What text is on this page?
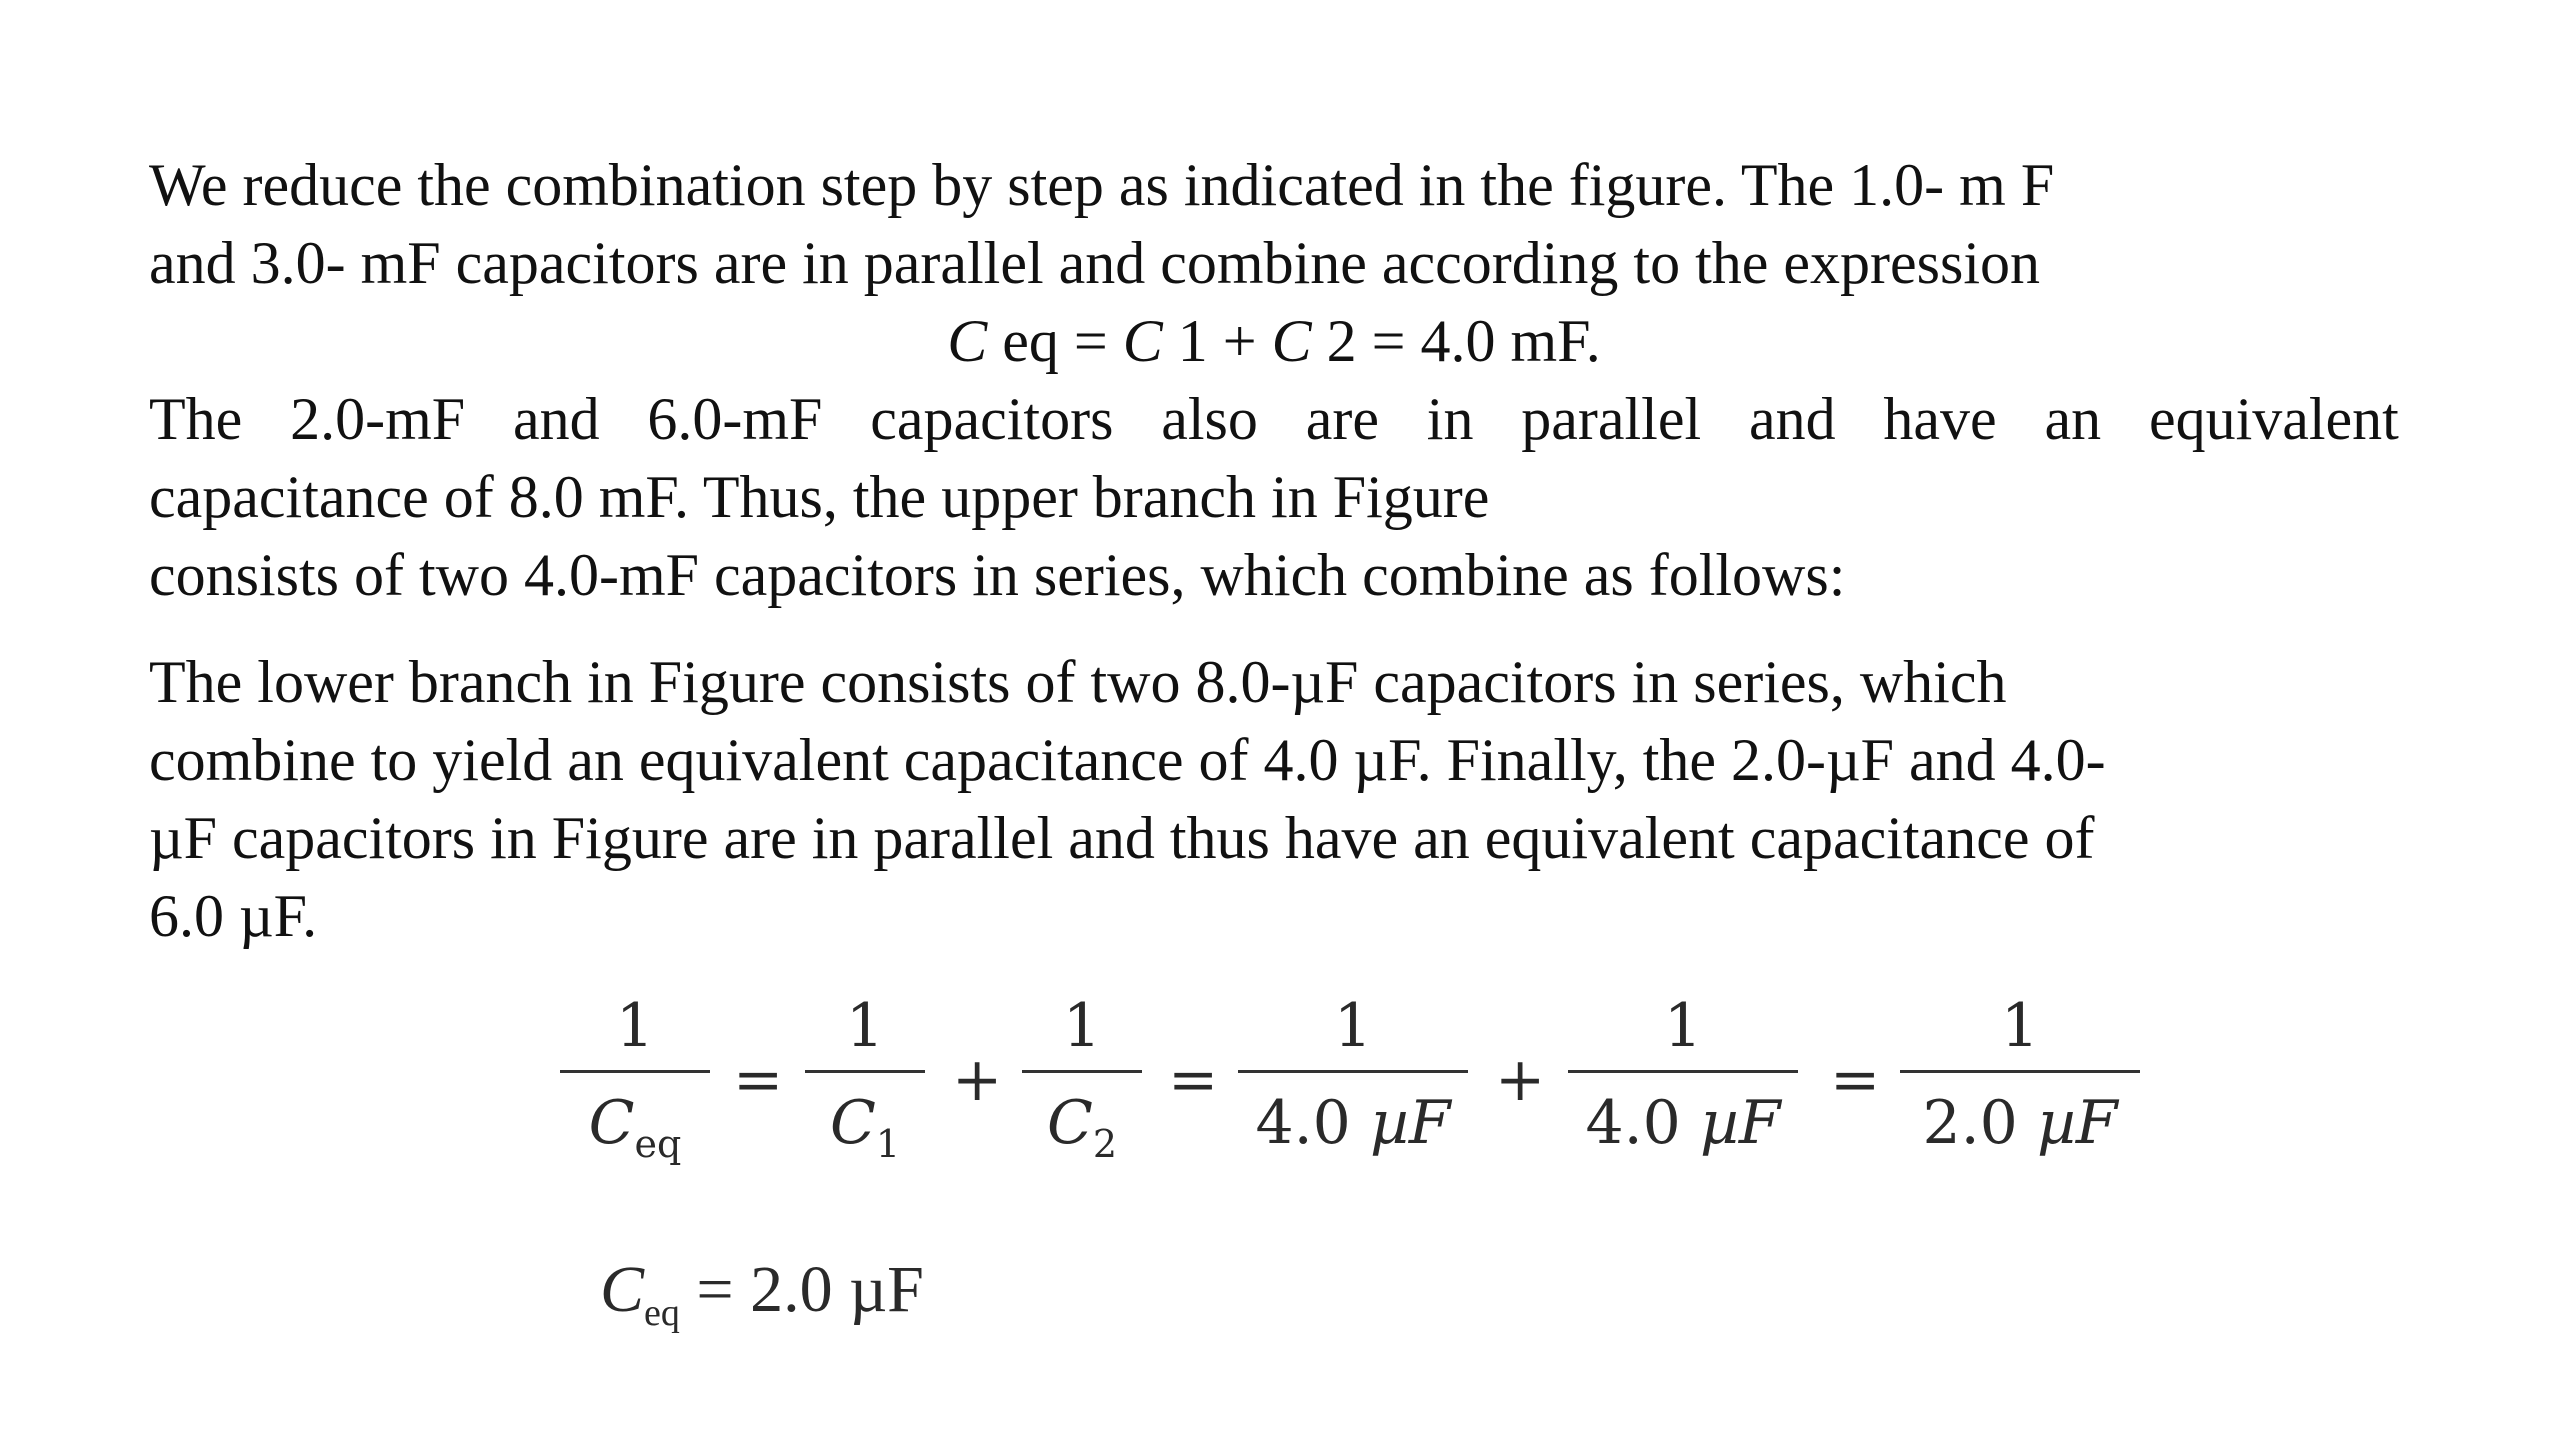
We reduce the combination step by step as indicated in the figure. The 1.0- m F
and 3.0- mF capacitors are in parallel and combine according to the expression
C eq = C 1 + C 2 = 4.0 mF.
The 2.0-mF and 6.0-mF capacitors also are in parallel and have an equivalent
capacitance of 8.0 mF. Thus, the upper branch in Figure
consists of two 4.0-mF capacitors in series, which combine as follows:
The lower branch in Figure consists of two 8.0-µF capacitors in series, which
combine to yield an equivalent capacitance of 4.0 µF. Finally, the 2.0-µF and 4.0-
µF capacitors in Figure are in parallel and thus have an equivalent capacitance of
6.0 µF.
1
$C_{eq}$
=
1
$C_1$
+
1
$C_2$
=
1
4.0 µF
+
1
4.0 µF
=
1
2.0 µF
$C_{eq} = 2.0$ µF
